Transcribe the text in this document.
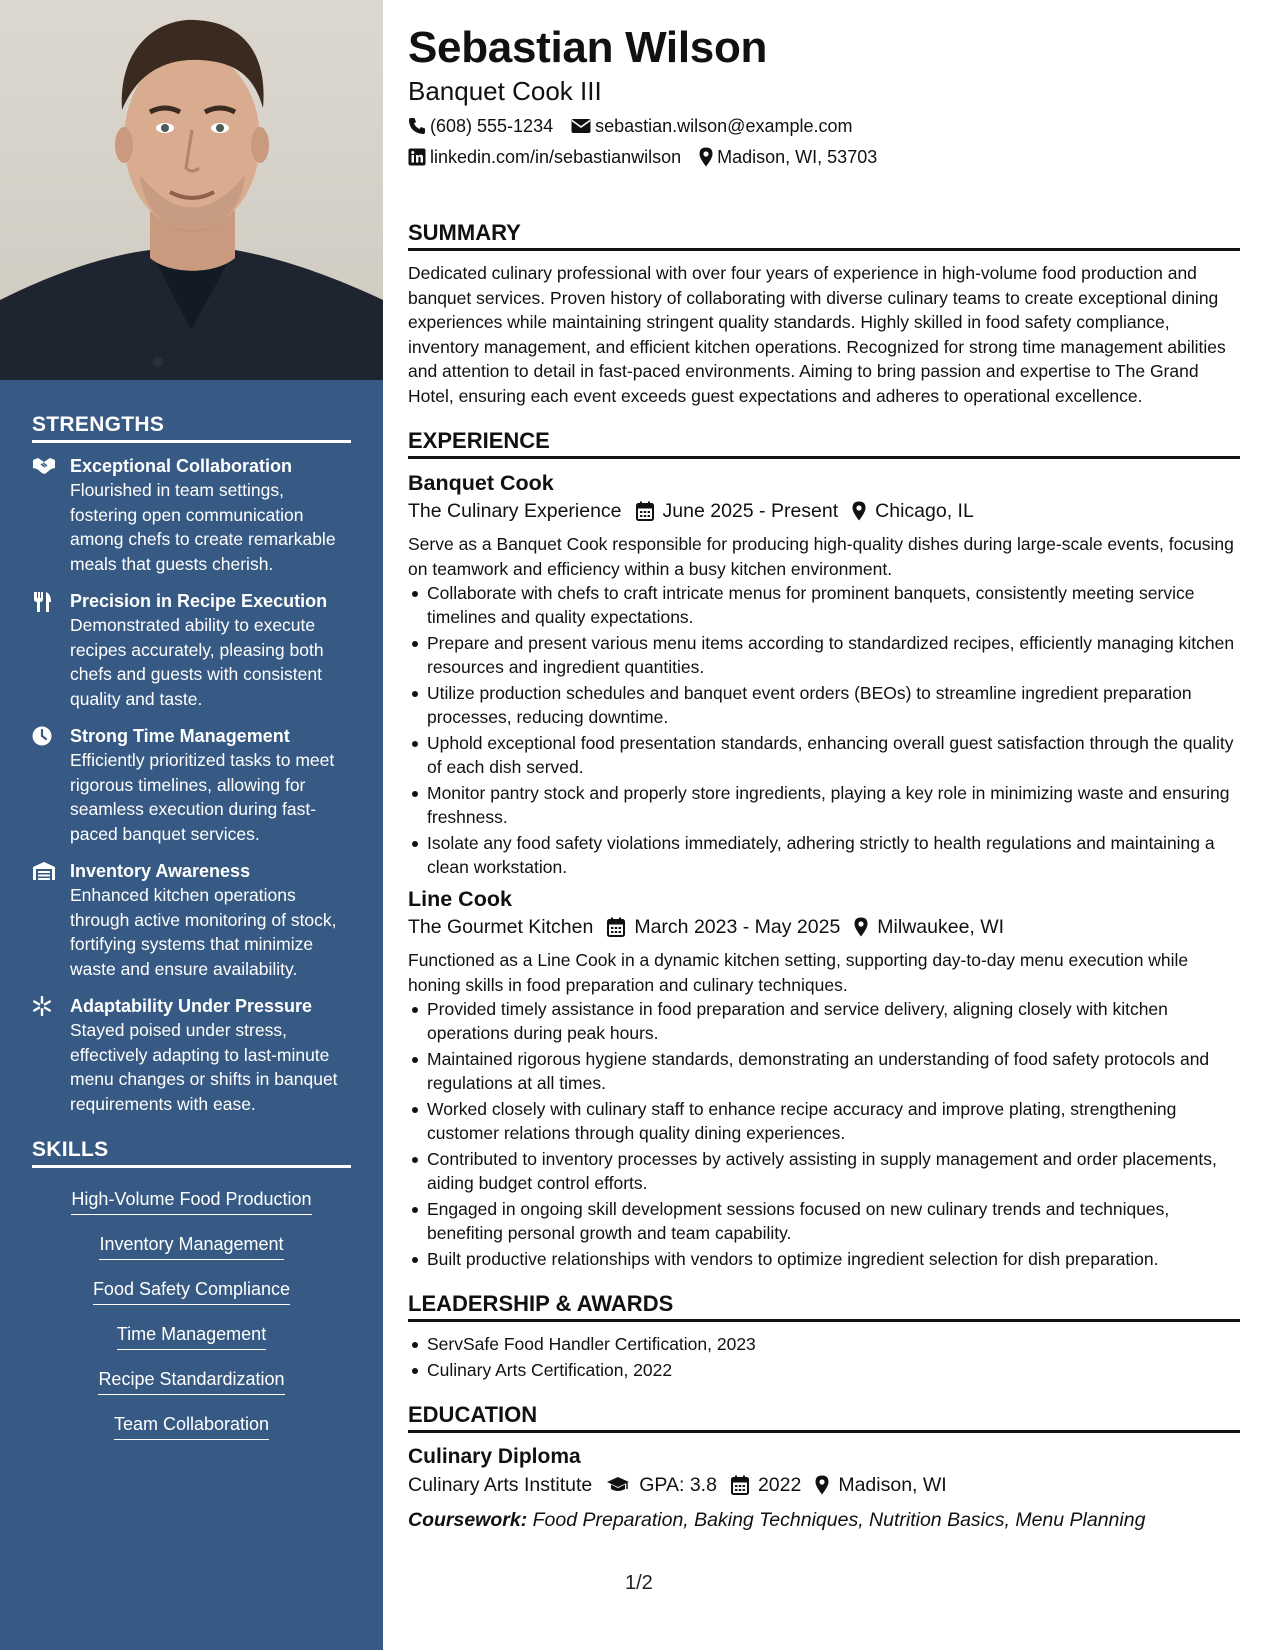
STRENGTHS
Exceptional Collaboration
Flourished in team settings, fostering open communication among chefs to create remarkable meals that guests cherish.
Precision in Recipe Execution
Demonstrated ability to execute recipes accurately, pleasing both chefs and guests with consistent quality and taste.
Strong Time Management
Efficiently prioritized tasks to meet rigorous timelines, allowing for seamless execution during fast-paced banquet services.
Inventory Awareness
Enhanced kitchen operations through active monitoring of stock, fortifying systems that minimize waste and ensure availability.
Adaptability Under Pressure
Stayed poised under stress, effectively adapting to last-minute menu changes or shifts in banquet requirements with ease.
SKILLS
High-Volume Food Production
Inventory Management
Food Safety Compliance
Time Management
Recipe Standardization
Team Collaboration
Sebastian Wilson
Banquet Cook III
(608) 555-1234 sebastian.wilson@example.com
linkedin.com/in/sebastianwilson Madison, WI, 53703
SUMMARY
Dedicated culinary professional with over four years of experience in high-volume food production and banquet services. Proven history of collaborating with diverse culinary teams to create exceptional dining experiences while maintaining stringent quality standards. Highly skilled in food safety compliance, inventory management, and efficient kitchen operations. Recognized for strong time management abilities and attention to detail in fast-paced environments. Aiming to bring passion and expertise to The Grand Hotel, ensuring each event exceeds guest expectations and adheres to operational excellence.
EXPERIENCE
Banquet Cook
The Culinary Experience June 2025 - Present Chicago, IL
Serve as a Banquet Cook responsible for producing high-quality dishes during large-scale events, focusing on teamwork and efficiency within a busy kitchen environment.
Collaborate with chefs to craft intricate menus for prominent banquets, consistently meeting service timelines and quality expectations.
Prepare and present various menu items according to standardized recipes, efficiently managing kitchen resources and ingredient quantities.
Utilize production schedules and banquet event orders (BEOs) to streamline ingredient preparation processes, reducing downtime.
Uphold exceptional food presentation standards, enhancing overall guest satisfaction through the quality of each dish served.
Monitor pantry stock and properly store ingredients, playing a key role in minimizing waste and ensuring freshness.
Isolate any food safety violations immediately, adhering strictly to health regulations and maintaining a clean workstation.
Line Cook
The Gourmet Kitchen March 2023 - May 2025 Milwaukee, WI
Functioned as a Line Cook in a dynamic kitchen setting, supporting day-to-day menu execution while honing skills in food preparation and culinary techniques.
Provided timely assistance in food preparation and service delivery, aligning closely with kitchen operations during peak hours.
Maintained rigorous hygiene standards, demonstrating an understanding of food safety protocols and regulations at all times.
Worked closely with culinary staff to enhance recipe accuracy and improve plating, strengthening customer relations through quality dining experiences.
Contributed to inventory processes by actively assisting in supply management and order placements, aiding budget control efforts.
Engaged in ongoing skill development sessions focused on new culinary trends and techniques, benefiting personal growth and team capability.
Built productive relationships with vendors to optimize ingredient selection for dish preparation.
LEADERSHIP & AWARDS
ServSafe Food Handler Certification, 2023
Culinary Arts Certification, 2022
EDUCATION
Culinary Diploma
Culinary Arts Institute GPA: 3.8 2022 Madison, WI
Coursework: Food Preparation, Baking Techniques, Nutrition Basics, Menu Planning
1/2
